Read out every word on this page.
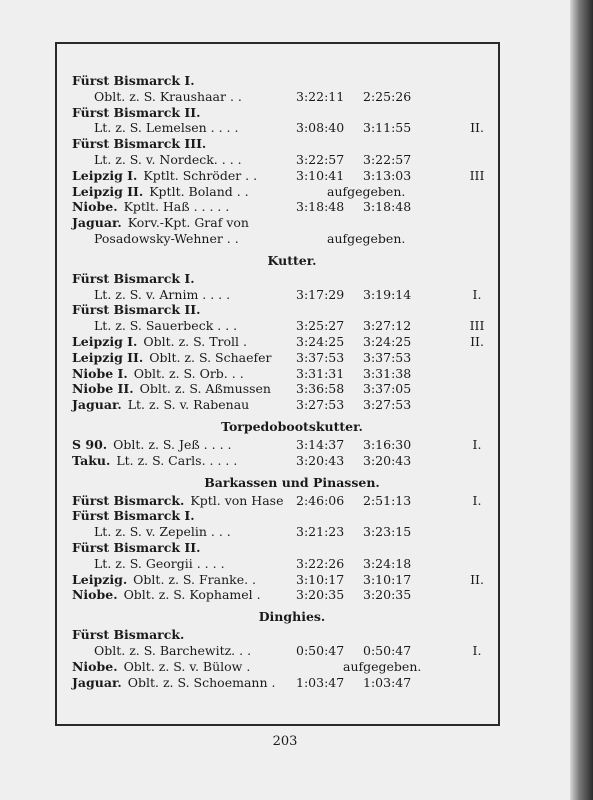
Fürst Bismarck I.
Oblt. z. S. Kraushaar . .	3:22:11 2:25:26
Fürst Bismarck II.
Lt. z. S. Lemelsen . . . .	3:08:40 3:11:55	II.
Fürst Bismarck III.
Lt. z. S. v. Nordeck. . . .	3:22:57 3:22:57
Leipzig I. Kptlt. Schröder . .	3:10:41 3:13:03	III
Leipzig II. Kptlt. Boland . .	aufgegeben.
Niobe. Kptlt. Haß . . . . .	3:18:48 3:18:48
Jaguar. Korv.-Kpt. Graf von
Posadowsky-Wehner . .	aufgegeben.
Kutter.
Fürst Bismarck I.
Lt. z. S. v. Arnim . . . .	3:17:29 3:19:14	I.
Fürst Bismarck II.
Lt. z. S. Sauerbeck . . .	3:25:27 3:27:12	III
Leipzig I. Oblt. z. S. Troll .	3:24:25 3:24:25	II.
Leipzig II. Oblt. z. S. Schaefer 3:37:53 3:37:53
Niobe I. Oblt. z. S. Orb. . .	3:31:31 3:31:38
Niobe II. Oblt. z. S. Aßmussen 3:36:58 3:37:05
Jaguar. Lt. z. S. v. Rabenau	3:27:53 3:27:53
Torpedobootskutter.
S 90. Oblt. z. S. Jeß . . . .	3:14:37 3:16:30	I.
Taku. Lt. z. S. Carls. . . . .	3:20:43 3:20:43
Barkassen und Pinassen.
Fürst Bismarck. Kptl. von Hase 2:46:06 2:51:13	I.
Fürst Bismarck I.
Lt. z. S. v. Zepelin . . .	3:21:23 3:23:15
Fürst Bismarck II.
Lt. z. S. Georgii . . . .	3:22:26 3:24:18
Leipzig. Oblt. z. S. Franke. .	3:10:17 3:10:17	II.
Niobe. Oblt. z. S. Kophamel .	3:20:35 3:20:35
Dinghies.
Fürst Bismarck.
Oblt. z. S. Barchewitz. . .	0:50:47 0:50:47	I.
Niobe. Oblt. z. S. v. Bülow .	aufgegeben.
Jaguar. Oblt. z. S. Schoemann . 1:03:47 1:03:47
203
